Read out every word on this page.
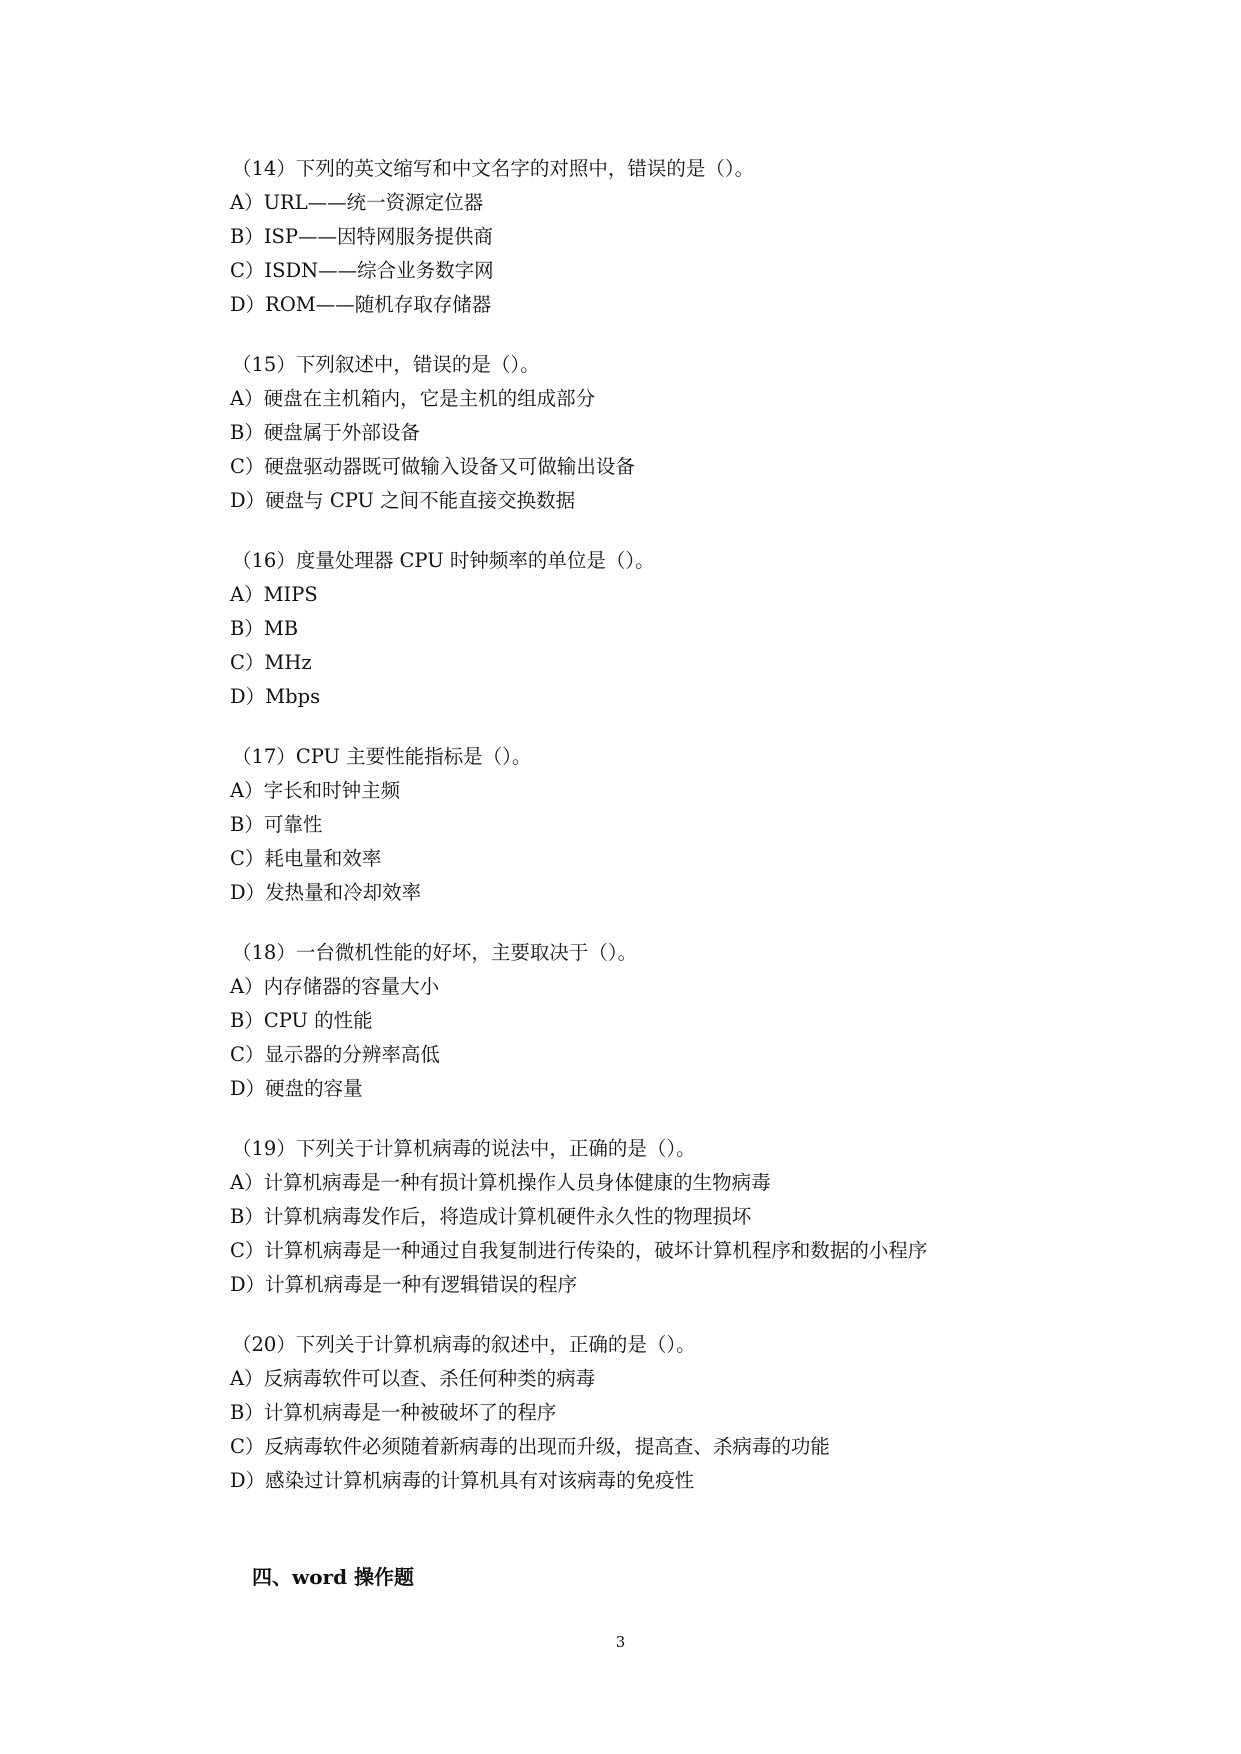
（14）下列的英文缩写和中文名字的对照中，错误的是（）。
A）URL——统一资源定位器
B）ISP——因特网服务提供商
C）ISDN——综合业务数字网
D）ROM——随机存取存储器
（15）下列叙述中，错误的是（）。
A）硬盘在主机箱内，它是主机的组成部分
B）硬盘属于外部设备
C）硬盘驱动器既可做输入设备又可做输出设备
D）硬盘与 CPU 之间不能直接交换数据
（16）度量处理器 CPU 时钟频率的单位是（）。
A）MIPS
B）MB
C）MHz
D）Mbps
（17）CPU 主要性能指标是（）。
A）字长和时钟主频
B）可靠性
C）耗电量和效率
D）发热量和冷却效率
（18）一台微机性能的好坏，主要取决于（）。
A）内存储器的容量大小
B）CPU 的性能
C）显示器的分辨率高低
D）硬盘的容量
（19）下列关于计算机病毒的说法中，正确的是（）。
A）计算机病毒是一种有损计算机操作人员身体健康的生物病毒
B）计算机病毒发作后，将造成计算机硬件永久性的物理损坏
C）计算机病毒是一种通过自我复制进行传染的，破坏计算机程序和数据的小程序
D）计算机病毒是一种有逻辑错误的程序
（20）下列关于计算机病毒的叙述中，正确的是（）。
A）反病毒软件可以查、杀任何种类的病毒
B）计算机病毒是一种被破坏了的程序
C）反病毒软件必须随着新病毒的出现而升级，提高查、杀病毒的功能
D）感染过计算机病毒的计算机具有对该病毒的免疫性
四、word 操作题
3
